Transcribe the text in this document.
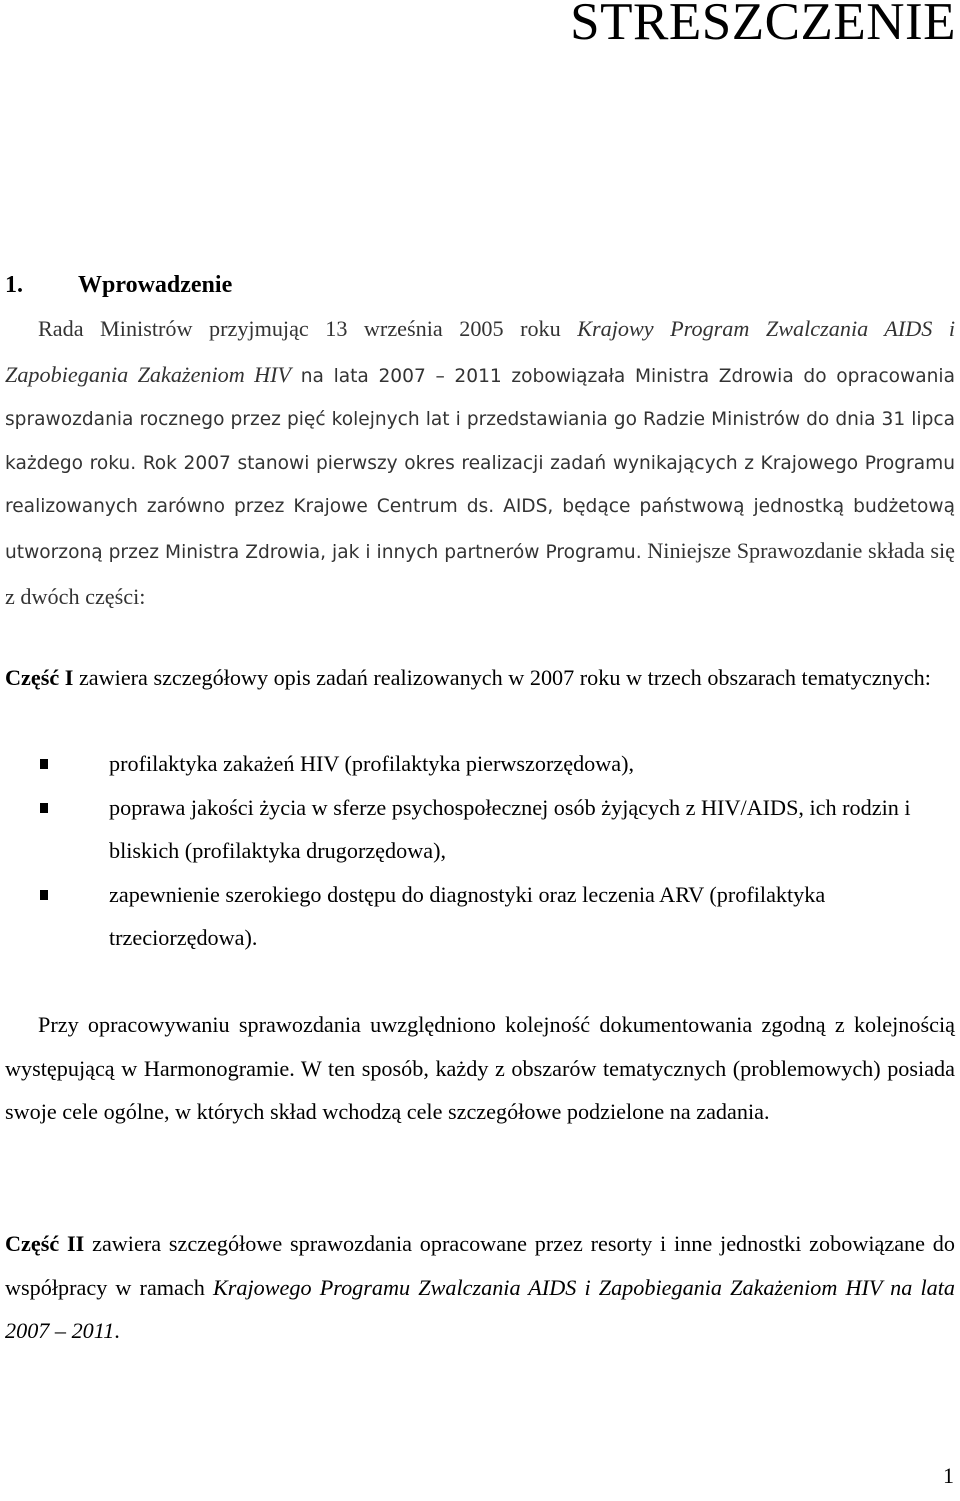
STRESZCZENIE
1. Wprowadzenie

Rada Ministrów przyjmując 13 września 2005 roku Krajowy Program Zwalczania AIDS i Zapobiegania Zakażeniom HIV na lata 2007 – 2011 zobowiązała Ministra Zdrowia do opracowania sprawozdania rocznego przez pięć kolejnych lat i przedstawiania go Radzie Ministrów do dnia 31 lipca każdego roku. Rok 2007 stanowi pierwszy okres realizacji zadań wynikających z Krajowego Programu realizowanych zarówno przez Krajowe Centrum ds. AIDS, będące państwową jednostką budżetową utworzoną przez Ministra Zdrowia, jak i innych partnerów Programu. Niniejsze Sprawozdanie składa się z dwóch części:

Część I zawiera szczegółowy opis zadań realizowanych w 2007 roku w trzech obszarach tematycznych:

profilaktyka zakażeń HIV (profilaktyka pierwszorzędowa),
poprawa jakości życia w sferze psychospołecznej osób żyjących z HIV/AIDS, ich rodzin i bliskich (profilaktyka drugorzędowa),
zapewnienie szerokiego dostępu do diagnostyki oraz leczenia ARV (profilaktyka trzeciorzędowa).

Przy opracowywaniu sprawozdania uwzględniono kolejność dokumentowania zgodną z kolejnością występującą w Harmonogramie. W ten sposób, każdy z obszarów tematycznych (problemowych) posiada swoje cele ogólne, w których skład wchodzą cele szczegółowe podzielone na zadania.

Część II zawiera szczegółowe sprawozdania opracowane przez resorty i inne jednostki zobowiązane do współpracy w ramach Krajowego Programu Zwalczania AIDS i Zapobiegania Zakażeniom HIV na lata 2007 – 2011.

1
